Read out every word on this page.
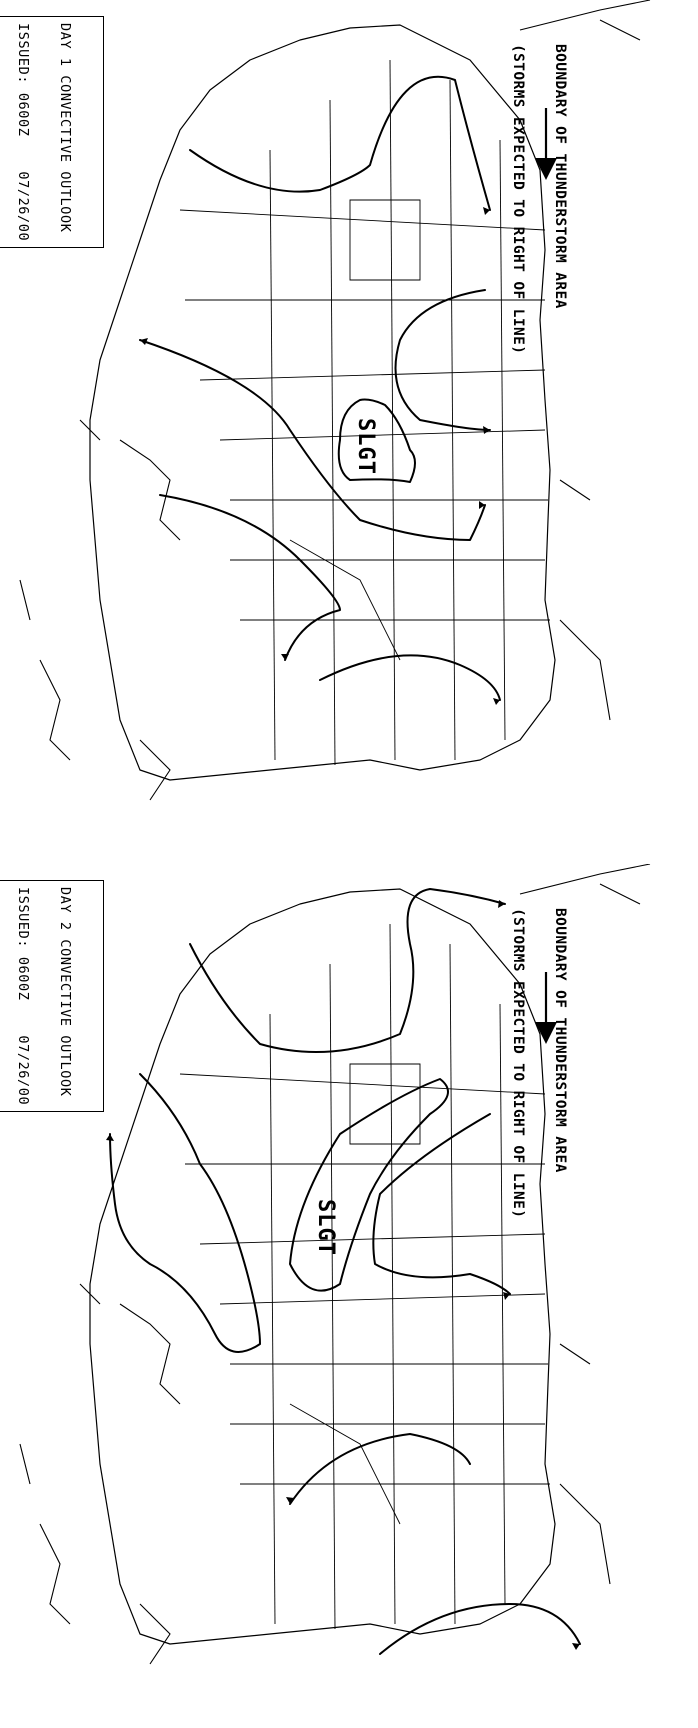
DAY 1 CONVECTIVE OUTLOOK

ISSUED: 0600Z    07/26/00

	BOUNDARY OF THUNDERSTORM AREA

(STORMS EXPECTED TO RIGHT OF LINE)

SLGT

DAY 2 CONVECTIVE OUTLOOK

ISSUED: 0600Z    07/26/00

	BOUNDARY OF THUNDERSTORM AREA

(STORMS EXPECTED TO RIGHT OF LINE)

SLGT
